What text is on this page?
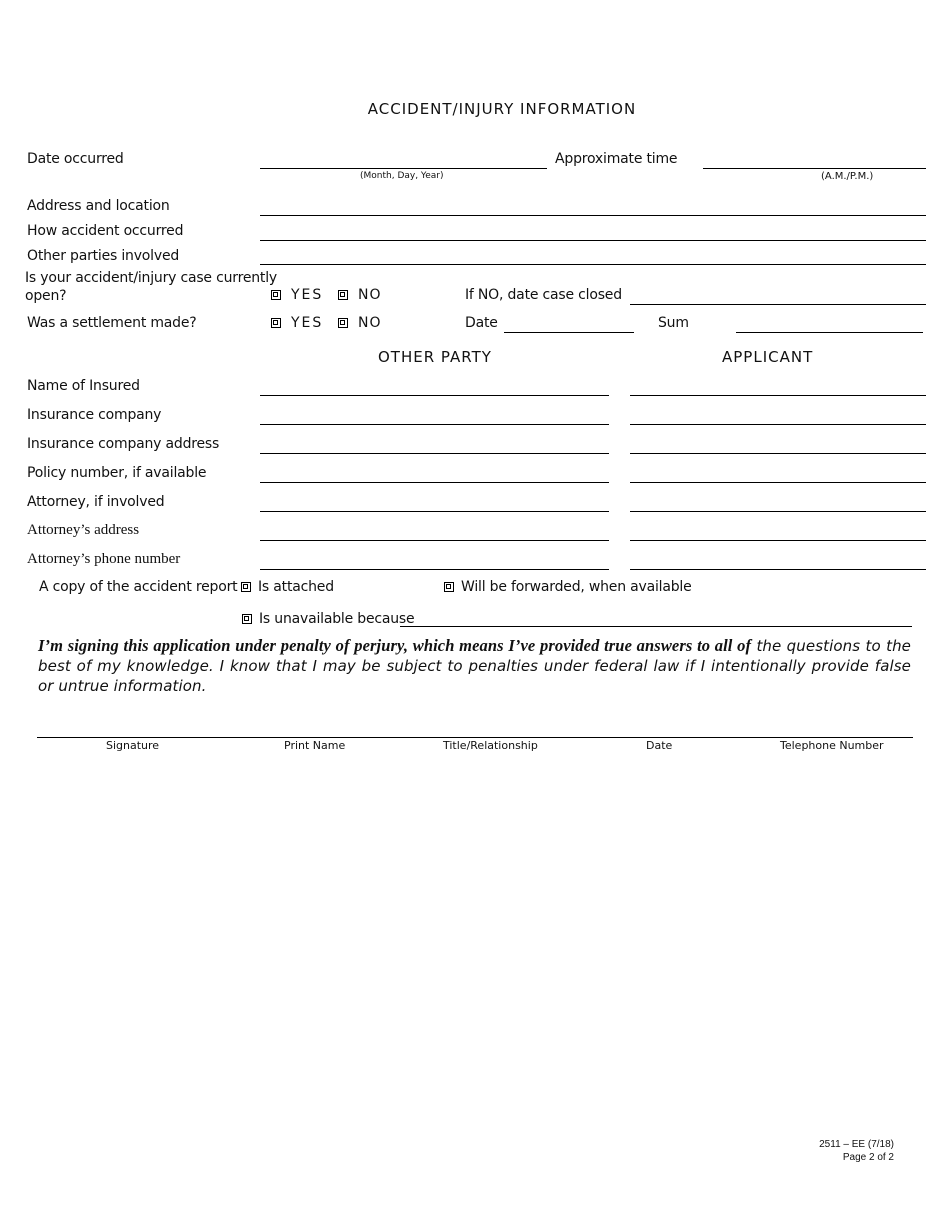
ACCIDENT/INJURY INFORMATION
Date occurred
(Month, Day, Year)
Approximate time
(A.M./P.M.)
Address and location
How accident occurred
Other parties involved
Is your accident/injury case currently
open?	YES NO	If NO, date case closed
Was a settlement made?	YES NO	Date	Sum
OTHER PARTY	APPLICANT
Name of Insured
Insurance company
Insurance company address
Policy number, if available
Attorney, if involved
Attorney’s address
Attorney’s phone number
A copy of the accident report Is attached	Will be forwarded, when available
Is unavailable because
I’m signing this application under penalty of perjury, which means I’ve provided true answers to all of the questions to the best of my knowledge. I know that I may be subject to penalties under federal law if I intentionally provide false or untrue information.
Signature	Print Name	Title/Relationship	Date	Telephone Number
2511 – EE (7/18)
Page 2 of 2
